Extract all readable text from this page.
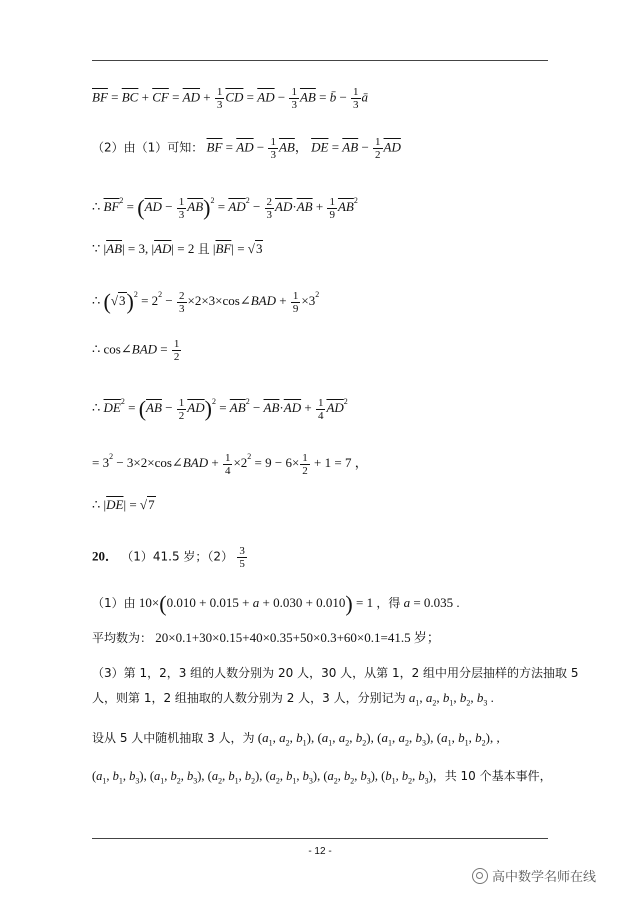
$\overline{BF} = \overline{BC} + \overline{CF} = \overline{AD} + \frac{1}{3} \overline{CD} = \overline{AD} - \frac{1}{3} \overline{AB}$ = b̄ − $\frac{1}{3}$ ā
（2）由（1）可知： $\overline{BF} = \overline{AD} - \frac{1}{3} \overline{AB}$， $\overline{DE} = \overline{AB} - \frac{1}{2} \overline{AD}$
∴ $\overline{BF}^2 = (\overline{AD} - \frac{1}{3} \overline{AB})^2 = \overline{AD}^2 - \frac{2}{3} \overline{AD}\cdot\overline{AB} + \frac{1}{9} \overline{AB}^2$
∵ $|\overline{AB}| = 3$, $|\overline{AD}| = 2$ 且 $|\overline{BF}| = √3$
∴ $(√3)^2 = 2^2 - \frac{2}{3}$ ×2×3×cos∠BAD + $\frac{1}{9} \times 3^2$
∴ cos∠BAD = $\frac{1}{2}$
∴ $\overline{DE}^2 = (\overline{AB} - \frac{1}{2} \overline{AD})^2 = \overline{AB}^2 - \overline{AB}\cdot\overline{AD} + \frac{1}{4} \overline{AD}^2$
= $3^2$ − 3×2×cos∠BAD + $\frac{1}{4} \times 2^2 = 9 - 6\times \frac{1}{2} + 1 = 7$ ，
∴ $|\overline{DE}| = √7$
20． （1）41.5 岁；$(2) \frac{3}{5}$
（1）由 10×(0.010 + 0.015 + a + 0.030 + 0.010) = 1 ，得 a = 0.035 .
平均数为： 20×0.1+30×0.15+40×0.35+50×0.3+60×0.1=41.5 岁；
（3）第 1，2，3 组的人数分别为 20 人，30 人，从第 1，2 组中用分层抽样的方法抽取 5
人，则第 1，2 组抽取的人数分别为 2 人，3 人，分别记为 $a_1$, $a_2$, $b_1$, $b_2$, $b_3$ .
设从 5 人中随机抽取 3 人，为 ($a_1$, $a_2$, $b_1$), ($a_1$, $a_2$, $b_2$), ($a_1$, $a_2$, $b_3$), ($a_1$, $b_1$, $b_2$), ,
($a_1$, $b_1$, $b_3$), ($a_1$, $b_2$, $b_3$), ($a_2$, $b_1$, $b_2$), ($a_2$, $b_1$, $b_3$), ($a_2$, $b_2$, $b_3$), ($b_1$, $b_2$, $b_3$)，共 10 个基本事件，
- 12 -
高中数学名师在线
